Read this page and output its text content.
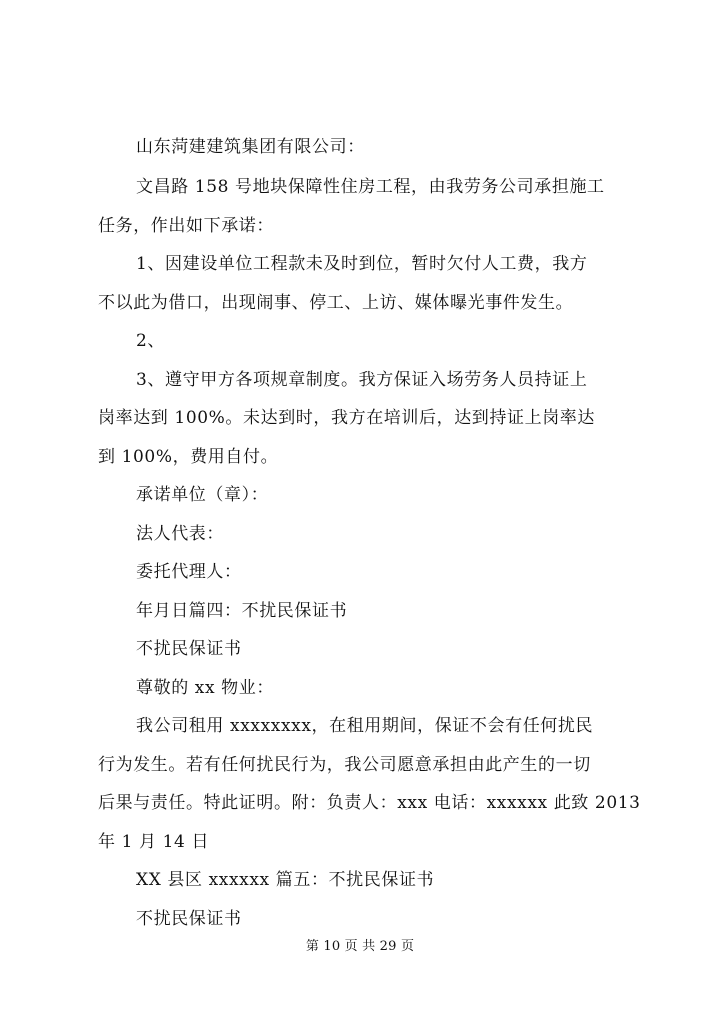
山东菏建建筑集团有限公司：
文昌路 158 号地块保障性住房工程，由我劳务公司承担施工
任务，作出如下承诺：
1、因建设单位工程款未及时到位，暂时欠付人工费，我方
不以此为借口，出现闹事、停工、上访、媒体曝光事件发生。
2、
3、遵守甲方各项规章制度。我方保证入场劳务人员持证上
岗率达到 100%。未达到时，我方在培训后，达到持证上岗率达
到 100%，费用自付。
承诺单位（章）：
法人代表：
委托代理人：
年月日篇四：不扰民保证书
不扰民保证书
尊敬的 xx 物业：
我公司租用 xxxxxxxx，在租用期间，保证不会有任何扰民
行为发生。若有任何扰民行为，我公司愿意承担由此产生的一切
后果与责任。特此证明。附：负责人：xxx 电话：xxxxxx 此致 2013
年 1 月 14 日
XX 县区 xxxxxx 篇五：不扰民保证书
不扰民保证书
第 10 页 共 29 页
